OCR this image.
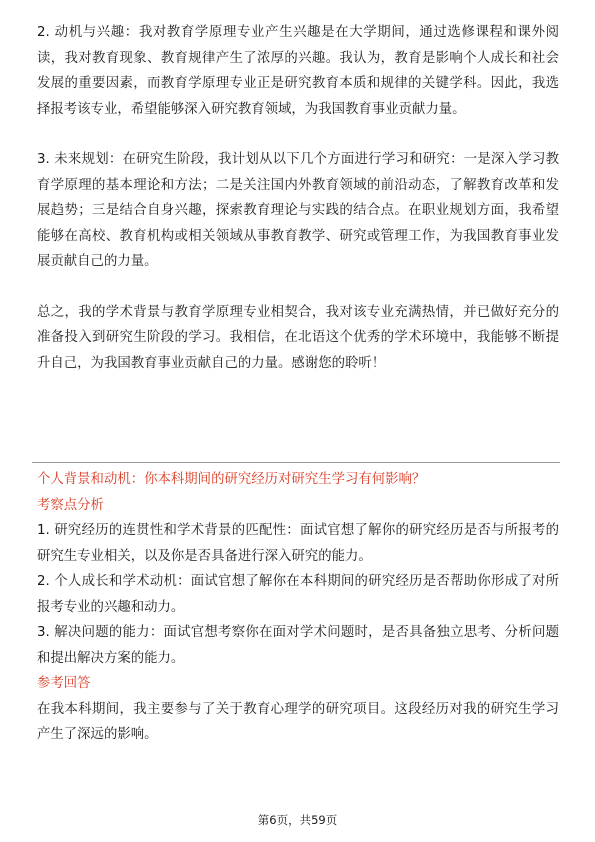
2. 动机与兴趣：我对教育学原理专业产生兴趣是在大学期间，通过选修课程和课外阅读，我对教育现象、教育规律产生了浓厚的兴趣。我认为，教育是影响个人成长和社会发展的重要因素，而教育学原理专业正是研究教育本质和规律的关键学科。因此，我选择报考该专业，希望能够深入研究教育领域，为我国教育事业贡献力量。

3. 未来规划：在研究生阶段，我计划从以下几个方面进行学习和研究：一是深入学习教育学原理的基本理论和方法；二是关注国内外教育领域的前沿动态，了解教育改革和发展趋势；三是结合自身兴趣，探索教育理论与实践的结合点。在职业规划方面，我希望能够在高校、教育机构或相关领域从事教育教学、研究或管理工作，为我国教育事业发展贡献自己的力量。

总之，我的学术背景与教育学原理专业相契合，我对该专业充满热情，并已做好充分的准备投入到研究生阶段的学习。我相信，在北语这个优秀的学术环境中，我能够不断提升自己，为我国教育事业贡献自己的力量。感谢您的聆听！

个人背景和动机：你本科期间的研究经历对研究生学习有何影响？

考察点分析

1. 研究经历的连贯性和学术背景的匹配性：面试官想了解你的研究经历是否与所报考的研究生专业相关，以及你是否具备进行深入研究的能力。

2. 个人成长和学术动机：面试官想了解你在本科期间的研究经历是否帮助你形成了对所报考专业的兴趣和动力。

3. 解决问题的能力：面试官想考察你在面对学术问题时，是否具备独立思考、分析问题和提出解决方案的能力。

参考回答

在我本科期间，我主要参与了关于教育心理学的研究项目。这段经历对我的研究生学习产生了深远的影响。

第6页，共59页
